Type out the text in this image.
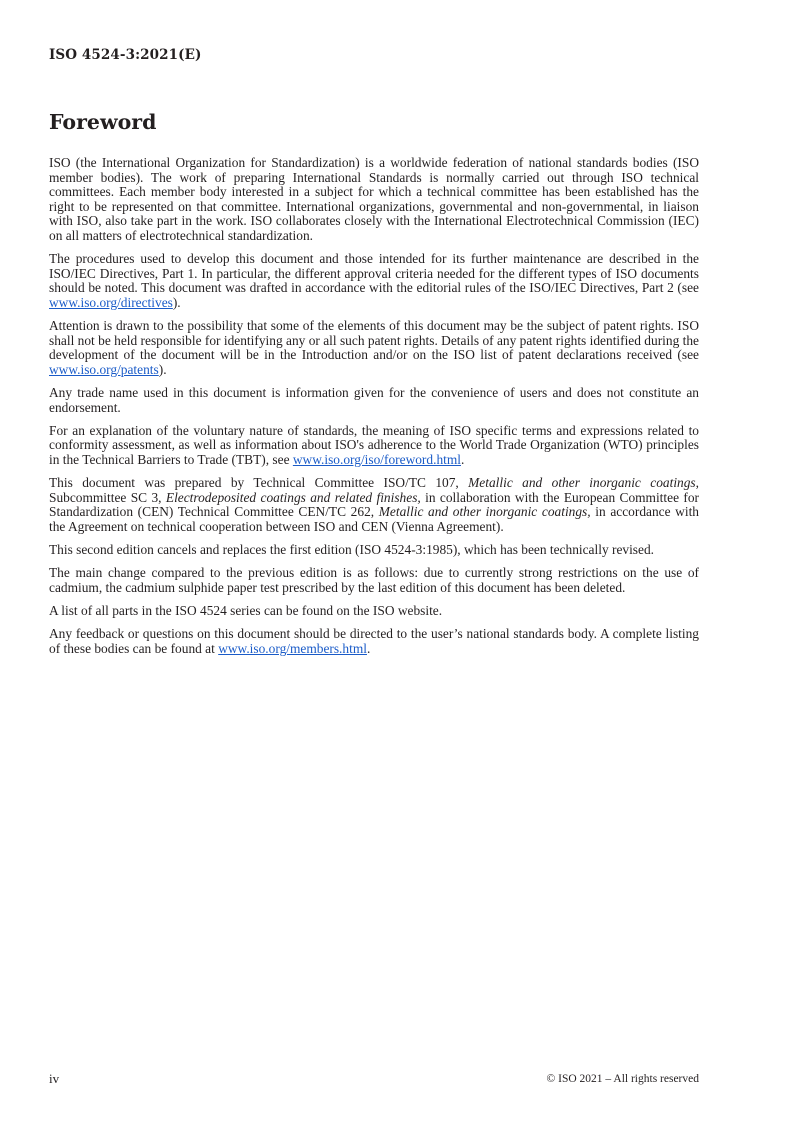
ISO 4524-3:2021(E)
Foreword

ISO (the International Organization for Standardization) is a worldwide federation of national standards bodies (ISO member bodies). The work of preparing International Standards is normally carried out through ISO technical committees. Each member body interested in a subject for which a technical committee has been established has the right to be represented on that committee. International organizations, governmental and non-governmental, in liaison with ISO, also take part in the work. ISO collaborates closely with the International Electrotechnical Commission (IEC) on all matters of electrotechnical standardization.

The procedures used to develop this document and those intended for its further maintenance are described in the ISO/IEC Directives, Part 1. In particular, the different approval criteria needed for the different types of ISO documents should be noted. This document was drafted in accordance with the editorial rules of the ISO/IEC Directives, Part 2 (see www.iso.org/directives).

Attention is drawn to the possibility that some of the elements of this document may be the subject of patent rights. ISO shall not be held responsible for identifying any or all such patent rights. Details of any patent rights identified during the development of the document will be in the Introduction and/or on the ISO list of patent declarations received (see www.iso.org/patents).

Any trade name used in this document is information given for the convenience of users and does not constitute an endorsement.

For an explanation of the voluntary nature of standards, the meaning of ISO specific terms and expressions related to conformity assessment, as well as information about ISO's adherence to the World Trade Organization (WTO) principles in the Technical Barriers to Trade (TBT), see www.iso.org/iso/foreword.html.

This document was prepared by Technical Committee ISO/TC 107, Metallic and other inorganic coatings, Subcommittee SC 3, Electrodeposited coatings and related finishes, in collaboration with the European Committee for Standardization (CEN) Technical Committee CEN/TC 262, Metallic and other inorganic coatings, in accordance with the Agreement on technical cooperation between ISO and CEN (Vienna Agreement).

This second edition cancels and replaces the first edition (ISO 4524-3:1985), which has been technically revised.

The main change compared to the previous edition is as follows: due to currently strong restrictions on the use of cadmium, the cadmium sulphide paper test prescribed by the last edition of this document has been deleted.

A list of all parts in the ISO 4524 series can be found on the ISO website.

Any feedback or questions on this document should be directed to the user’s national standards body. A complete listing of these bodies can be found at www.iso.org/members.html.

iv	© ISO 2021 – All rights reserved
